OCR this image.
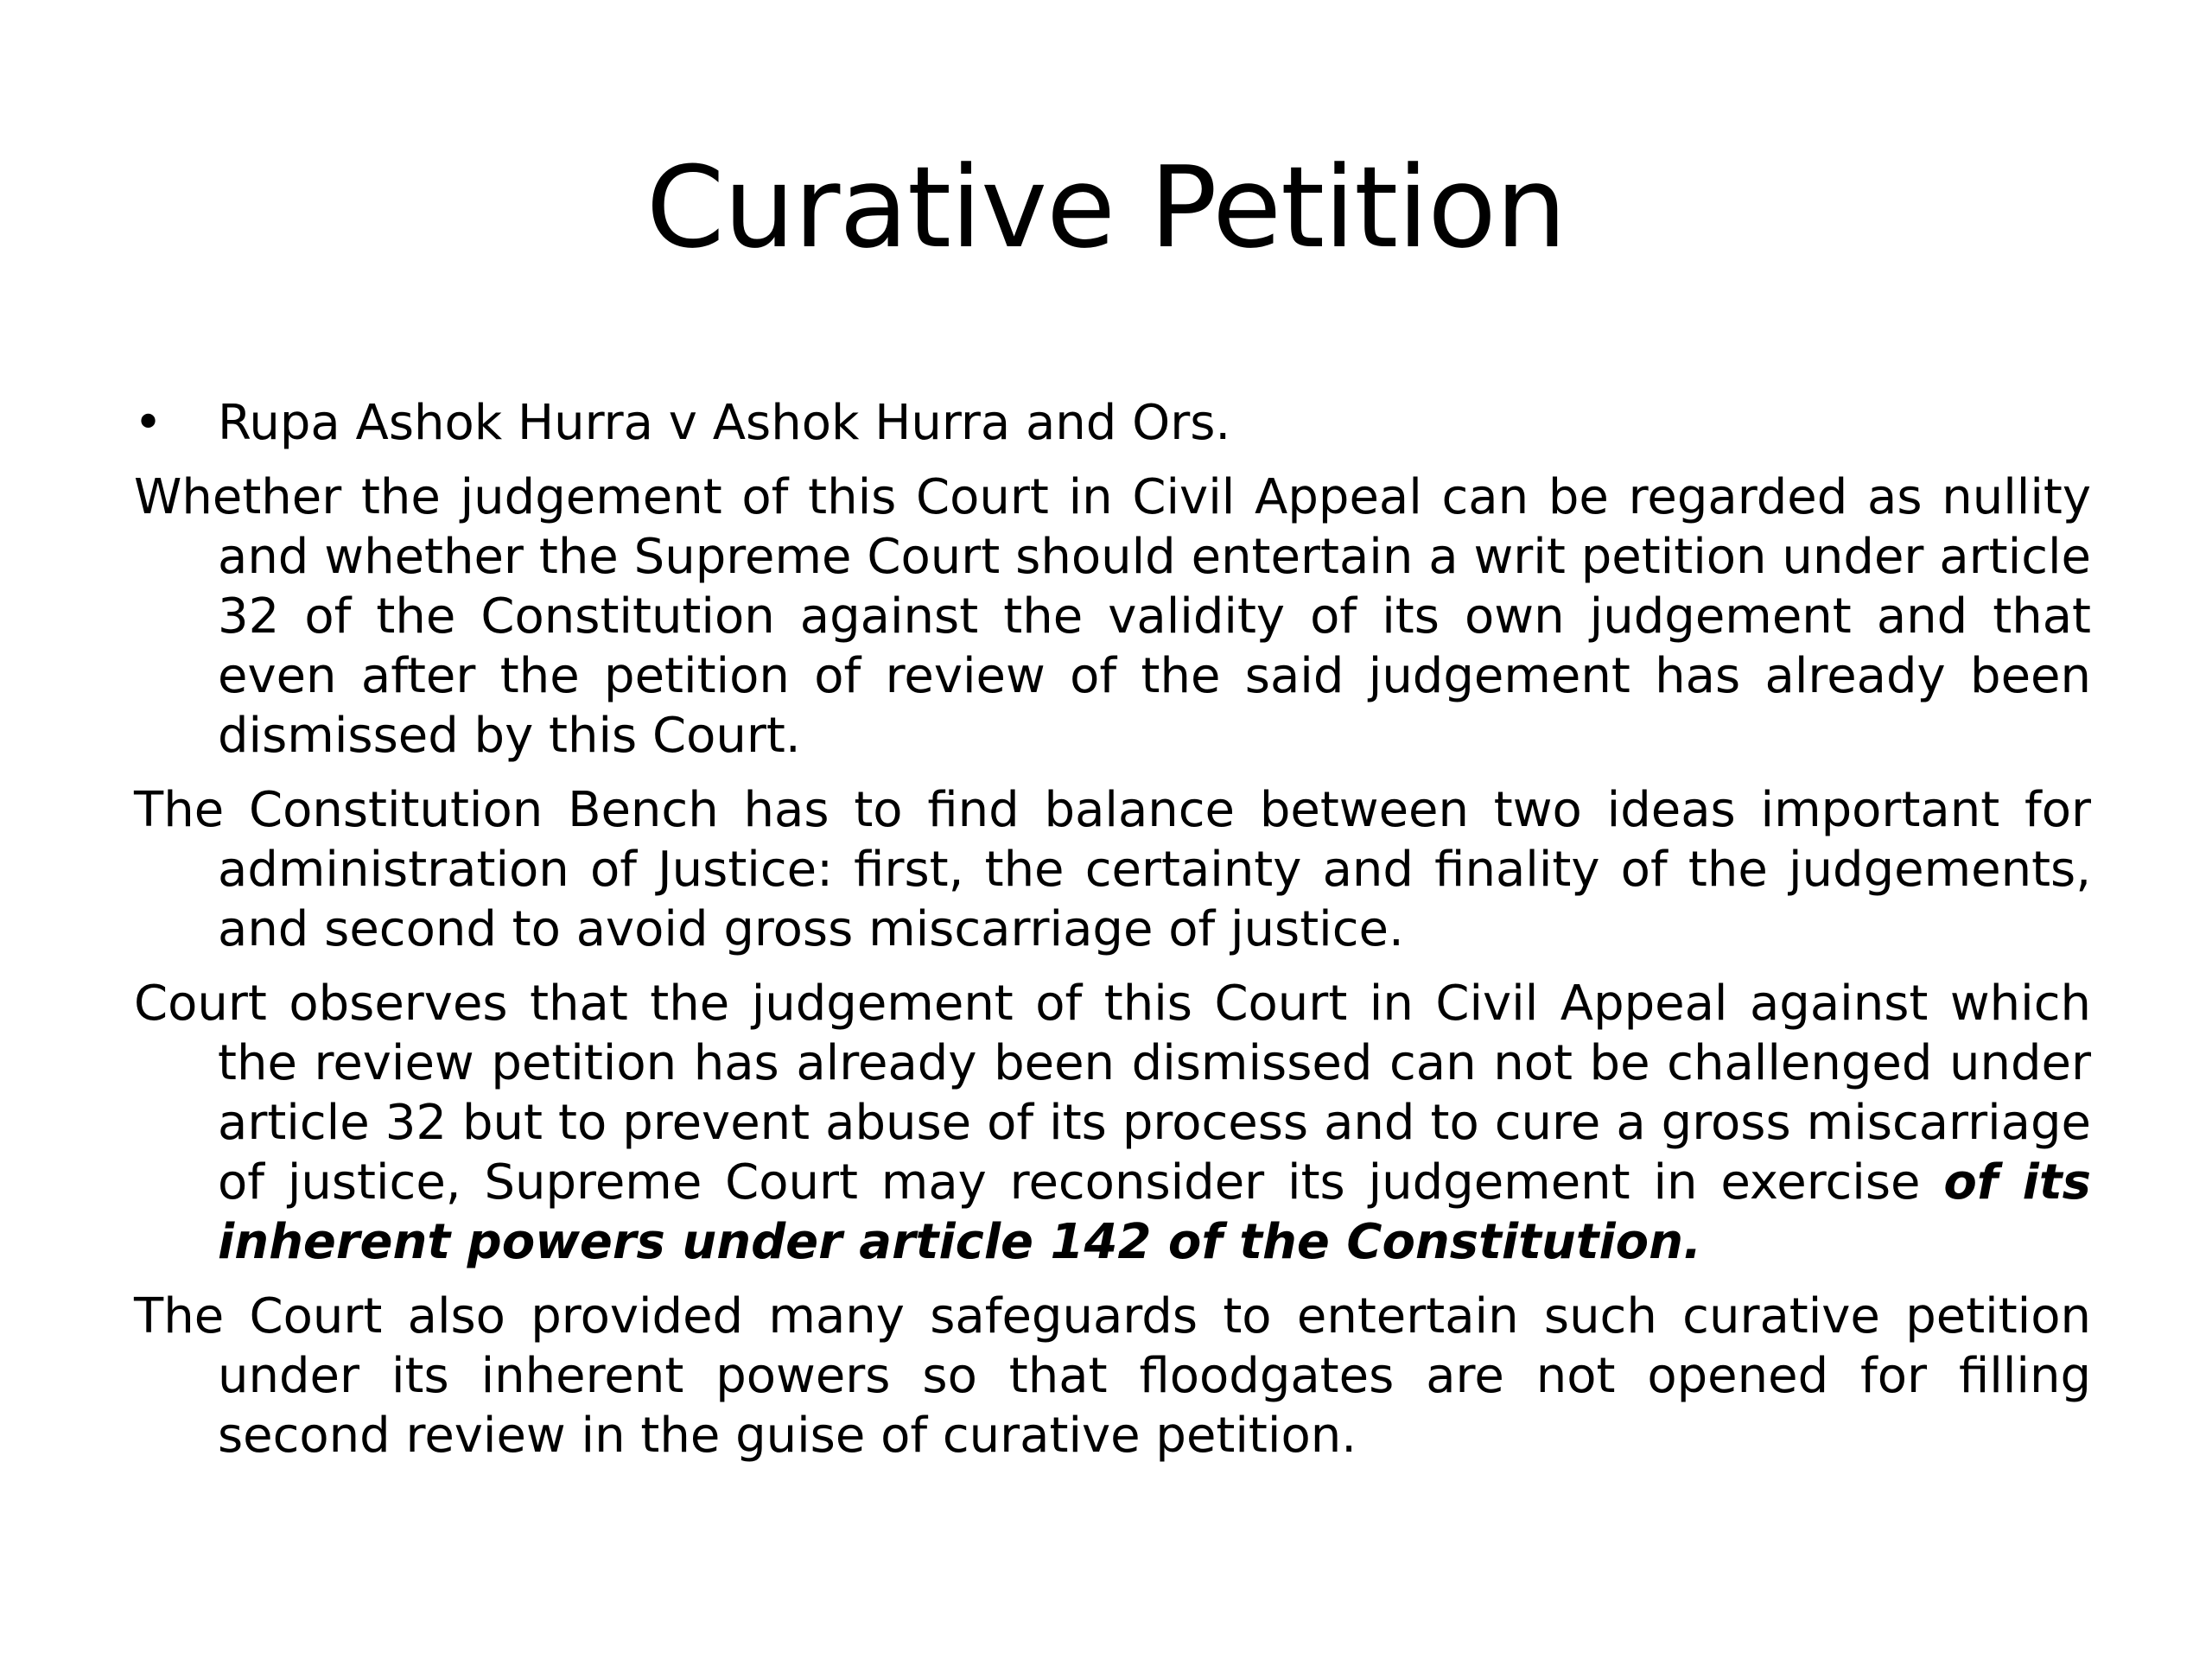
Curative Petition
• Rupa Ashok Hurra v Ashok Hurra and Ors.
Whether the judgement of this Court in Civil Appeal can be regarded as nullity and whether the Supreme Court should entertain a writ petition under article 32 of the Constitution against the validity of its own judgement and that even after the petition of review of the said judgement has already been dismissed by this Court.
The Constitution Bench has to find balance between two ideas important for administration of Justice: first, the certainty and finality of the judgements, and second to avoid gross miscarriage of justice.
Court observes that the judgement of this Court in Civil Appeal against which the review petition has already been dismissed can not be challenged under article 32 but to prevent abuse of its process and to cure a gross miscarriage of justice, Supreme Court may reconsider its judgement in exercise of its inherent powers under article 142 of the Constitution.
The Court also provided many safeguards to entertain such curative petition under its inherent powers so that floodgates are not opened for filling second review in the guise of curative petition.
